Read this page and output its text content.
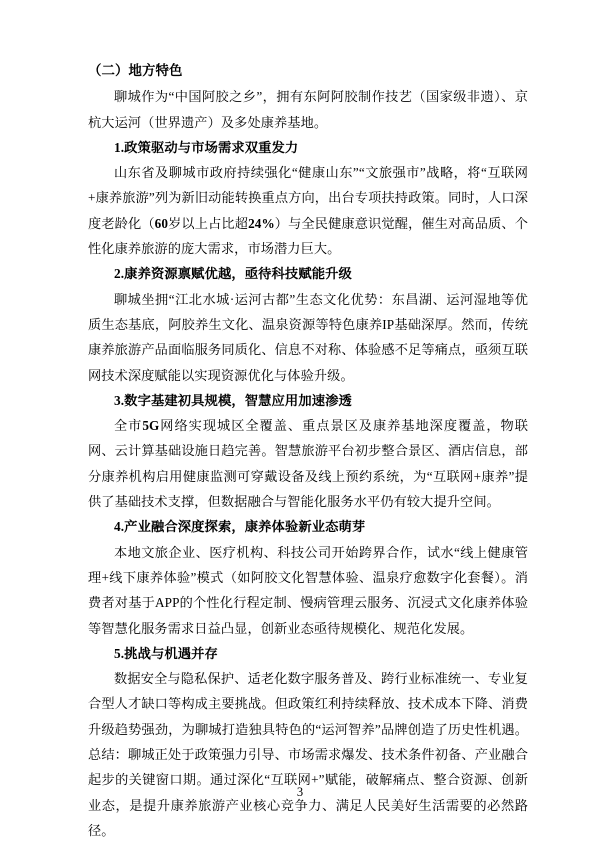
（二）地方特色

聊城作为“中国阿胶之乡”，拥有东阿阿胶制作技艺（国家级非遗）、京杭大运河（世界遗产）及多处康养基地。

1.政策驱动与市场需求双重发力

山东省及聊城市政府持续强化“健康山东”“文旅强市”战略，将“互联网+康养旅游”列为新旧动能转换重点方向，出台专项扶持政策。同时，人口深度老龄化（60岁以上占比超24%）与全民健康意识觉醒，催生对高品质、个性化康养旅游的庞大需求，市场潜力巨大。

2.康养资源禀赋优越，亟待科技赋能升级

聊城坐拥“江北水城·运河古都”生态文化优势：东昌湖、运河湿地等优质生态基底，阿胶养生文化、温泉资源等特色康养IP基础深厚。然而，传统康养旅游产品面临服务同质化、信息不对称、体验感不足等痛点，亟须互联网技术深度赋能以实现资源优化与体验升级。

3.数字基建初具规模，智慧应用加速渗透

全市5G网络实现城区全覆盖、重点景区及康养基地深度覆盖，物联网、云计算基础设施日趋完善。智慧旅游平台初步整合景区、酒店信息，部分康养机构启用健康监测可穿戴设备及线上预约系统，为“互联网+康养”提供了基础技术支撑，但数据融合与智能化服务水平仍有较大提升空间。

4.产业融合深度探索，康养体验新业态萌芽

本地文旅企业、医疗机构、科技公司开始跨界合作，试水“线上健康管理+线下康养体验”模式（如阿胶文化智慧体验、温泉疗愈数字化套餐）。消费者对基于APP的个性化行程定制、慢病管理云服务、沉浸式文化康养体验等智慧化服务需求日益凸显，创新业态亟待规模化、规范化发展。

5.挑战与机遇并存

数据安全与隐私保护、适老化数字服务普及、跨行业标准统一、专业复合型人才缺口等构成主要挑战。但政策红利持续释放、技术成本下降、消费升级趋势强劲，为聊城打造独具特色的“运河智养”品牌创造了历史性机遇。总结：聊城正处于政策强力引导、市场需求爆发、技术条件初备、产业融合起步的关键窗口期。通过深化“互联网+”赋能，破解痛点、整合资源、创新业态，是提升康养旅游产业核心竞争力、满足人民美好生活需要的必然路径。

3
